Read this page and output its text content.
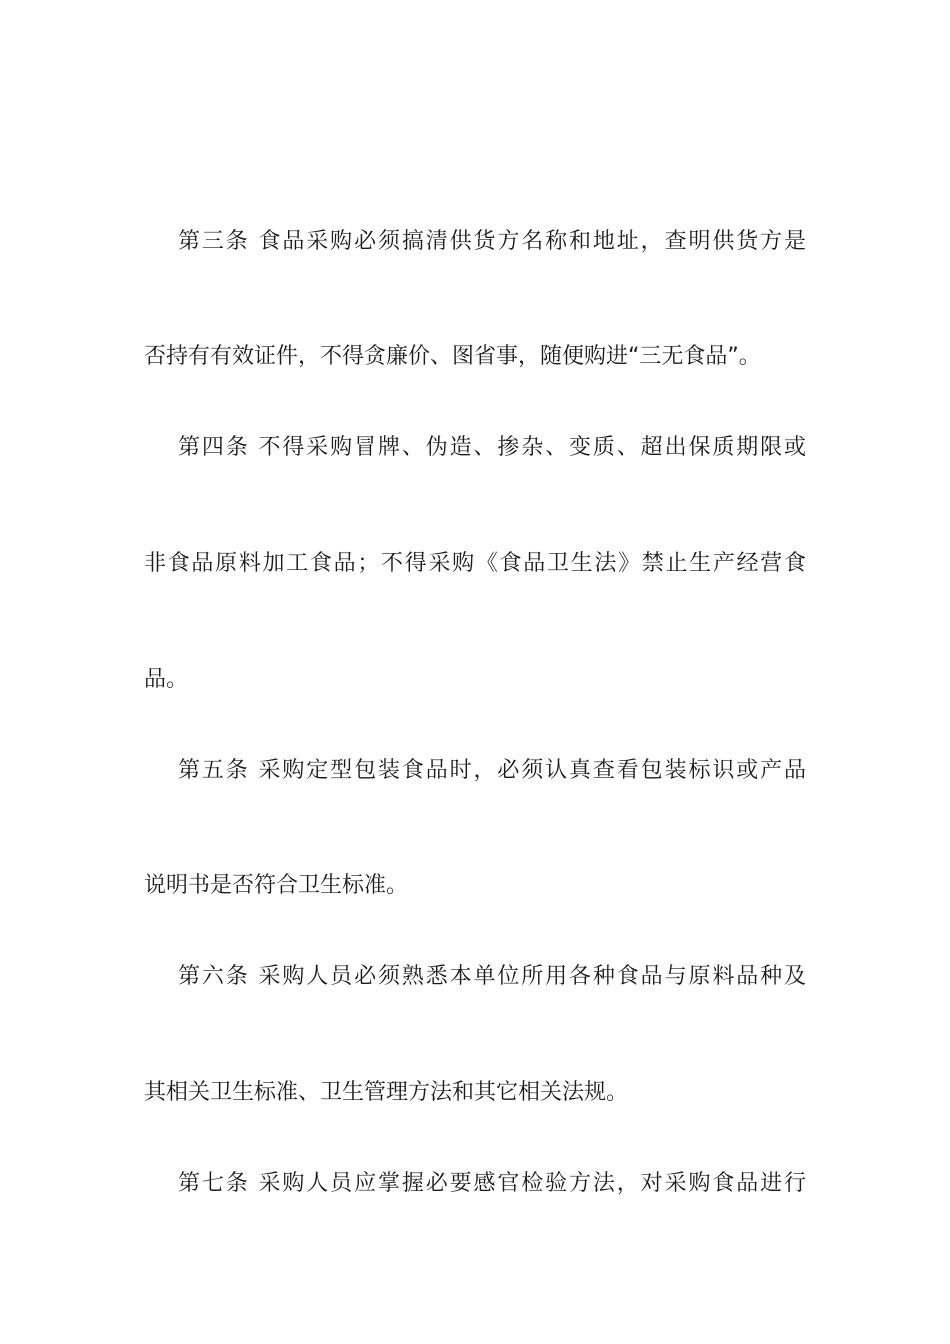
第三条 食品采购必须搞清供货方名称和地址，查明供货方是
否持有有效证件，不得贪廉价、图省事，随便购进“三无食品”。
第四条 不得采购冒牌、伪造、掺杂、变质、超出保质期限或
非食品原料加工食品；不得采购《食品卫生法》禁止生产经营食
品。
第五条 采购定型包装食品时，必须认真查看包装标识或产品
说明书是否符合卫生标准。
第六条 采购人员必须熟悉本单位所用各种食品与原料品种及
其相关卫生标准、卫生管理方法和其它相关法规。
第七条 采购人员应掌握必要感官检验方法，对采购食品进行
